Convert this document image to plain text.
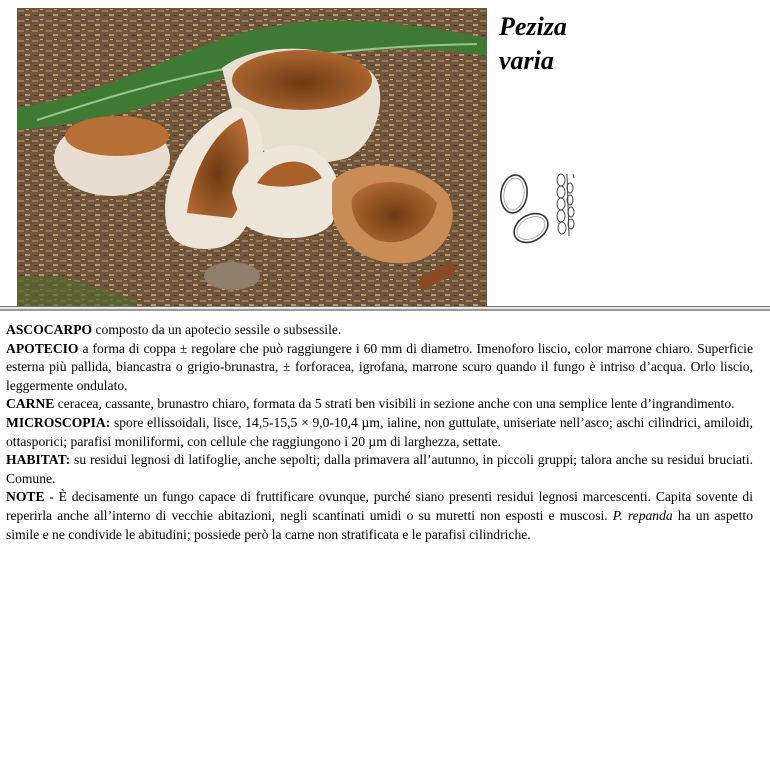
Peziza
varia

ASCOCARPO composto da un apotecio sessile o subsessile.

APOTECIO a forma di coppa ± regolare che può raggiungere i 60 mm di diametro. Imenoforo liscio, color marrone chiaro. Superficie esterna più pallida, biancastra o grigio-brunastra, ± forforacea, igrofana, marrone scuro quando il fungo è intriso d’acqua. Orlo liscio, leggermente ondulato.

CARNE ceracea, cassante, brunastro chiaro, formata da 5 strati ben visibili in sezione anche con una semplice lente d’ingrandimento.

MICROSCOPIA: spore ellissoidali, lisce, 14,5-15,5 × 9,0-10,4 µm, ialine, non guttulate, uniseriate nell’asco; aschi cilindrici, amiloidi, ottasporici; parafisi moniliformi, con cellule che raggiungono i 20 µm di larghezza, settate.

HABITAT: su residui legnosi di latifoglie, anche sepolti; dalla primavera all’autunno, in piccoli gruppi; talora anche su residui bruciati. Comune.

NOTE - È decisamente un fungo capace di fruttificare ovunque, purché siano presenti residui legnosi marcescenti. Capita sovente di reperirla anche all’interno di vecchie abitazioni, negli scantinati umidi o su muretti non esposti e muscosi. P. repanda ha un aspetto simile e ne condivide le abitudini; possiede però la carne non stratificata e le parafisi cilindriche.
